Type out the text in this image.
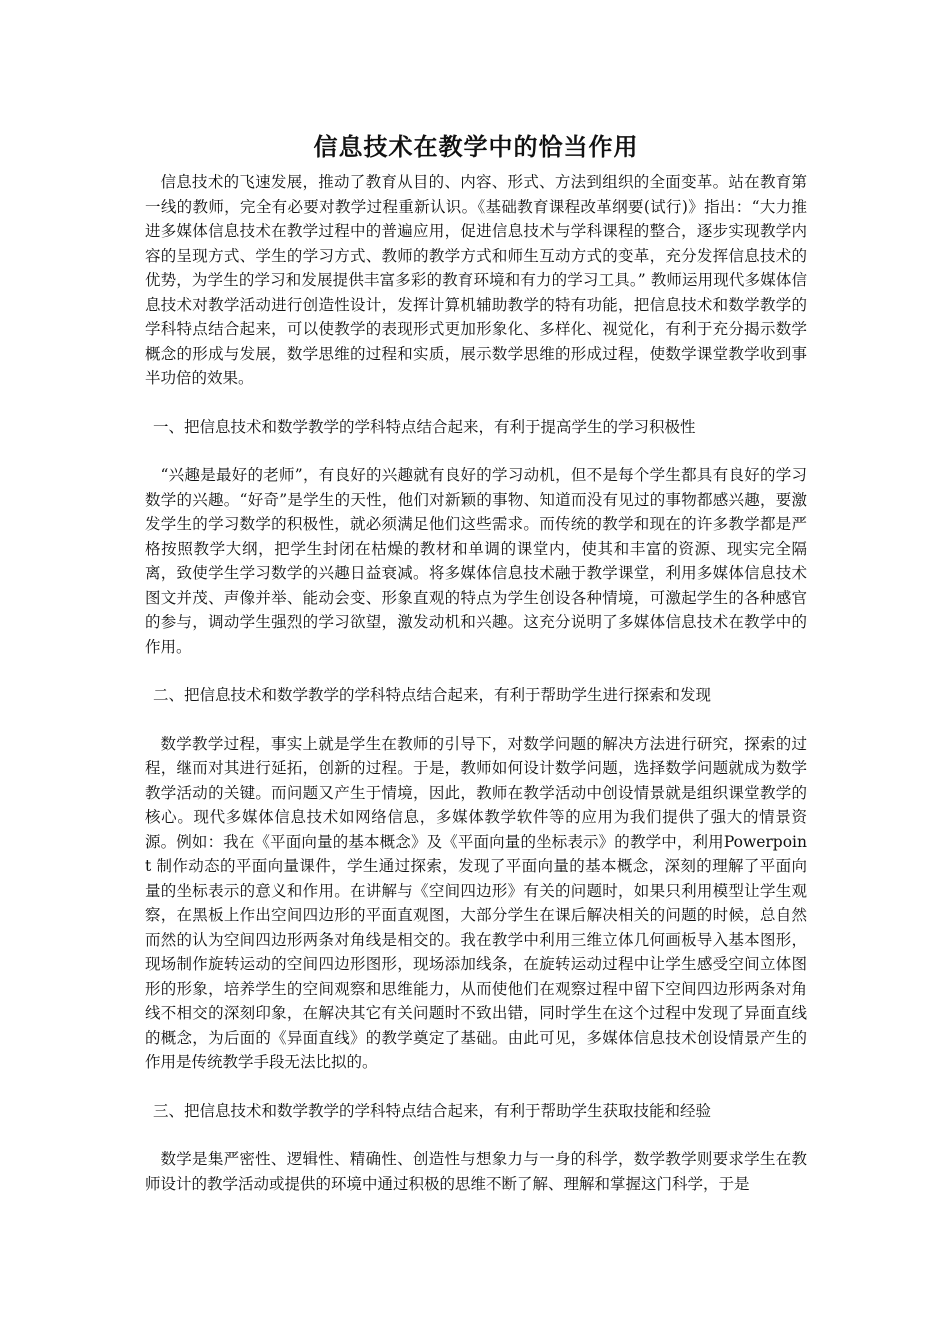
信息技术在教学中的恰当作用

信息技术的飞速发展，推动了教育从目的、内容、形式、方法到组织的全面变革。站在教育第一线的教师，完全有必要对教学过程重新认识。《基础教育课程改革纲要(试行)》指出：“大力推进多媒体信息技术在教学过程中的普遍应用，促进信息技术与学科课程的整合，逐步实现教学内容的呈现方式、学生的学习方式、教师的教学方式和师生互动方式的变革，充分发挥信息技术的优势，为学生的学习和发展提供丰富多彩的教育环境和有力的学习工具。” 教师运用现代多媒体信息技术对教学活动进行创造性设计，发挥计算机辅助教学的特有功能，把信息技术和数学教学的学科特点结合起来，可以使教学的表现形式更加形象化、多样化、视觉化，有利于充分揭示数学概念的形成与发展，数学思维的过程和实质，展示数学思维的形成过程，使数学课堂教学收到事半功倍的效果。

一、把信息技术和数学教学的学科特点结合起来，有利于提高学生的学习积极性

“兴趣是最好的老师”，有良好的兴趣就有良好的学习动机，但不是每个学生都具有良好的学习数学的兴趣。“好奇”是学生的天性，他们对新颖的事物、知道而没有见过的事物都感兴趣，要激发学生的学习数学的积极性，就必须满足他们这些需求。而传统的教学和现在的许多教学都是严格按照教学大纲，把学生封闭在枯燥的教材和单调的课堂内，使其和丰富的资源、现实完全隔离，致使学生学习数学的兴趣日益衰减。将多媒体信息技术融于教学课堂，利用多媒体信息技术图文并茂、声像并举、能动会变、形象直观的特点为学生创设各种情境，可激起学生的各种感官的参与，调动学生强烈的学习欲望，激发动机和兴趣。这充分说明了多媒体信息技术在教学中的作用。

二、把信息技术和数学教学的学科特点结合起来，有利于帮助学生进行探索和发现

数学教学过程，事实上就是学生在教师的引导下，对数学问题的解决方法进行研究，探索的过程，继而对其进行延拓，创新的过程。于是，教师如何设计数学问题，选择数学问题就成为数学教学活动的关键。而问题又产生于情境，因此，教师在教学活动中创设情景就是组织课堂教学的核心。现代多媒体信息技术如网络信息，多媒体教学软件等的应用为我们提供了强大的情景资源。例如：我在《平面向量的基本概念》及《平面向量的坐标表示》的教学中，利用Powerpoint 制作动态的平面向量课件，学生通过探索，发现了平面向量的基本概念，深刻的理解了平面向量的坐标表示的意义和作用。在讲解与《空间四边形》有关的问题时，如果只利用模型让学生观察，在黑板上作出空间四边形的平面直观图，大部分学生在课后解决相关的问题的时候，总自然而然的认为空间四边形两条对角线是相交的。我在教学中利用三维立体几何画板导入基本图形，现场制作旋转运动的空间四边形图形，现场添加线条，在旋转运动过程中让学生感受空间立体图形的形象，培养学生的空间观察和思维能力，从而使他们在观察过程中留下空间四边形两条对角线不相交的深刻印象，在解决其它有关问题时不致出错，同时学生在这个过程中发现了异面直线的概念，为后面的《异面直线》的教学奠定了基础。由此可见，多媒体信息技术创设情景产生的作用是传统教学手段无法比拟的。

三、把信息技术和数学教学的学科特点结合起来，有利于帮助学生获取技能和经验

数学是集严密性、逻辑性、精确性、创造性与想象力与一身的科学，数学教学则要求学生在教师设计的教学活动或提供的环境中通过积极的思维不断了解、理解和掌握这门科学，于是
